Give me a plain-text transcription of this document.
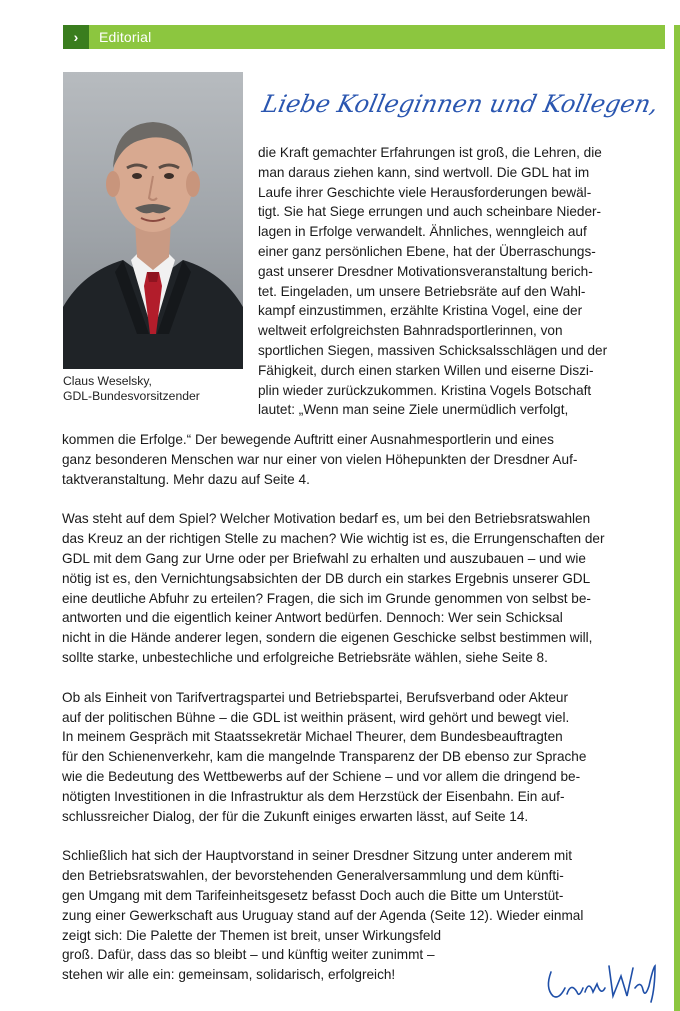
›	Editorial
Claus Weselsky,
GDL-Bundesvorsitzender
Liebe Kolleginnen und Kollegen,

die Kraft gemachter Erfahrungen ist groß, die Lehren, die

man daraus ziehen kann, sind wertvoll. Die GDL hat im

Laufe ihrer Geschichte viele Herausforderungen bewäl-

tigt. Sie hat Siege errungen und auch scheinbare Nieder-

lagen in Erfolge verwandelt. Ähnliches, wenngleich auf

einer ganz persönlichen Ebene, hat der Überraschungs-

gast unserer Dresdner Motivationsveranstaltung berich-

tet. Eingeladen, um unsere Betriebsräte auf den Wahl-

kampf einzustimmen, erzählte Kristina Vogel, eine der

weltweit erfolgreichsten Bahnradsportlerinnen, von

sportlichen Siegen, massiven Schicksalsschlägen und der

Fähigkeit, durch einen starken Willen und eiserne Diszi-

plin wieder zurückzukommen. Kristina Vogels Botschaft

lautet: „Wenn man seine Ziele unermüdlich verfolgt,

kommen die Erfolge.“ Der bewegende Auftritt einer Ausnahmesportlerin und eines

ganz besonderen Menschen war nur einer von vielen Höhepunkten der Dresdner Auf-

taktveranstaltung. Mehr dazu auf Seite 4.

Was steht auf dem Spiel? Welcher Motivation bedarf es, um bei den Betriebsratswahlen

das Kreuz an der richtigen Stelle zu machen? Wie wichtig ist es, die Errungenschaften der

GDL mit dem Gang zur Urne oder per Briefwahl zu erhalten und auszubauen – und wie

nötig ist es, den Vernichtungsabsichten der DB durch ein starkes Ergebnis unserer GDL

eine deutliche Abfuhr zu erteilen? Fragen, die sich im Grunde genommen von selbst be-

antworten und die eigentlich keiner Antwort bedürfen. Dennoch: Wer sein Schicksal

nicht in die Hände anderer legen, sondern die eigenen Geschicke selbst bestimmen will,

sollte starke, unbestechliche und erfolgreiche Betriebsräte wählen, siehe Seite 8.

Ob als Einheit von Tarifvertragspartei und Betriebspartei, Berufsverband oder Akteur

auf der politischen Bühne – die GDL ist weithin präsent, wird gehört und bewegt viel.

In meinem Gespräch mit Staatssekretär Michael Theurer, dem Bundesbeauftragten

für den Schienenverkehr, kam die mangelnde Transparenz der DB ebenso zur Sprache

wie die Bedeutung des Wettbewerbs auf der Schiene – und vor allem die dringend be-

nötigten Investitionen in die Infrastruktur als dem Herzstück der Eisenbahn. Ein auf-

schlussreicher Dialog, der für die Zukunft einiges erwarten lässt, auf Seite 14.

Schließlich hat sich der Hauptvorstand in seiner Dresdner Sitzung unter anderem mit

den Betriebsratswahlen, der bevorstehenden Generalversammlung und dem künfti-

gen Umgang mit dem Tarifeinheitsgesetz befasst Doch auch die Bitte um Unterstüt-

zung einer Gewerkschaft aus Uruguay stand auf der Agenda (Seite 12). Wieder einmal

zeigt sich: Die Palette der Themen ist breit, unser Wirkungsfeld

groß. Dafür, dass das so bleibt – und künftig weiter zunimmt –

stehen wir alle ein: gemeinsam, solidarisch, erfolgreich!
